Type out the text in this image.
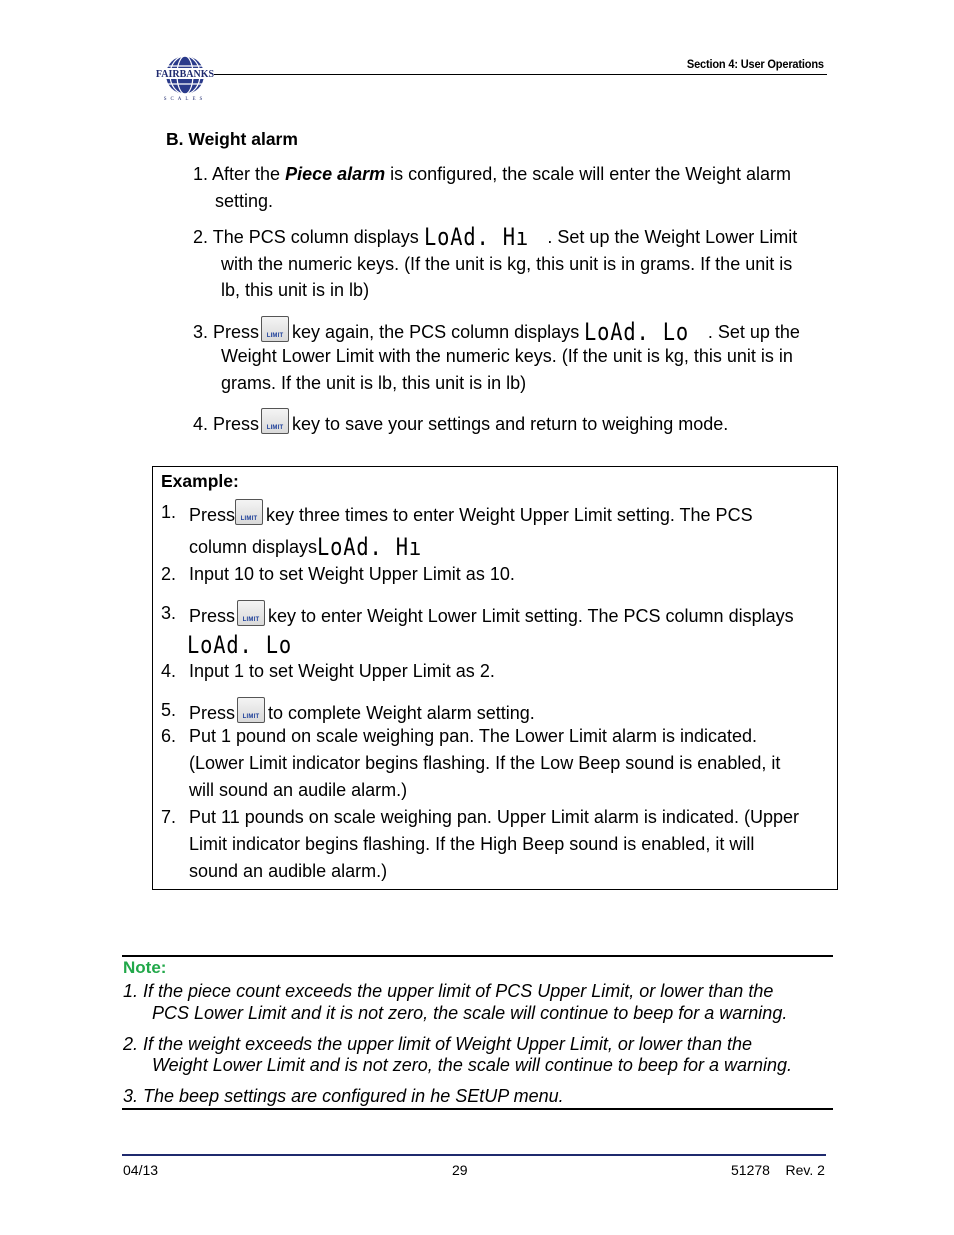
FAIRBANKS
SCALES
Section 4: User Operations
B. Weight alarm
1. After the Piece alarm is configured, the scale will enter the Weight alarm
setting.
2. The PCS column displays LoAd. Hı . Set up the Weight Lower Limit
with the numeric keys. (If the unit is kg, this unit is in grams. If the unit is
lb, this unit is in lb)
3. Press	LIMIT key again, the PCS column displays LoAd. Lo . Set up the
Weight Lower Limit with the numeric keys. (If the unit is kg, this unit is in
grams. If the unit is lb, this unit is in lb)
4. Press	LIMIT key to save your settings and return to weighing mode.
Example:
1. Press LIMIT key three times to enter Weight Upper Limit setting. The PCS
column displaysLoAd. Hı
2. Input 10 to set Weight Upper Limit as 10.
3. Press	LIMIT key to enter Weight Lower Limit setting. The PCS column displays
LoAd. Lo
4. Input 1 to set Weight Upper Limit as 2.
5. Press	LIMIT to complete Weight alarm setting.
6. Put 1 pound on scale weighing pan. The Lower Limit alarm is indicated.
(Lower Limit indicator begins flashing. If the Low Beep sound is enabled, it
will sound an audile alarm.)
7. Put 11 pounds on scale weighing pan. Upper Limit alarm is indicated. (Upper
Limit indicator begins flashing. If the High Beep sound is enabled, it will
sound an audible alarm.)
Note:
1. If the piece count exceeds the upper limit of PCS Upper Limit, or lower than the
PCS Lower Limit and it is not zero, the scale will continue to beep for a warning.
2. If the weight exceeds the upper limit of Weight Upper Limit, or lower than the
Weight Lower Limit and is not zero, the scale will continue to beep for a warning.
3. The beep settings are configured in he SEtUP menu.
04/13	29	51278    Rev. 2
